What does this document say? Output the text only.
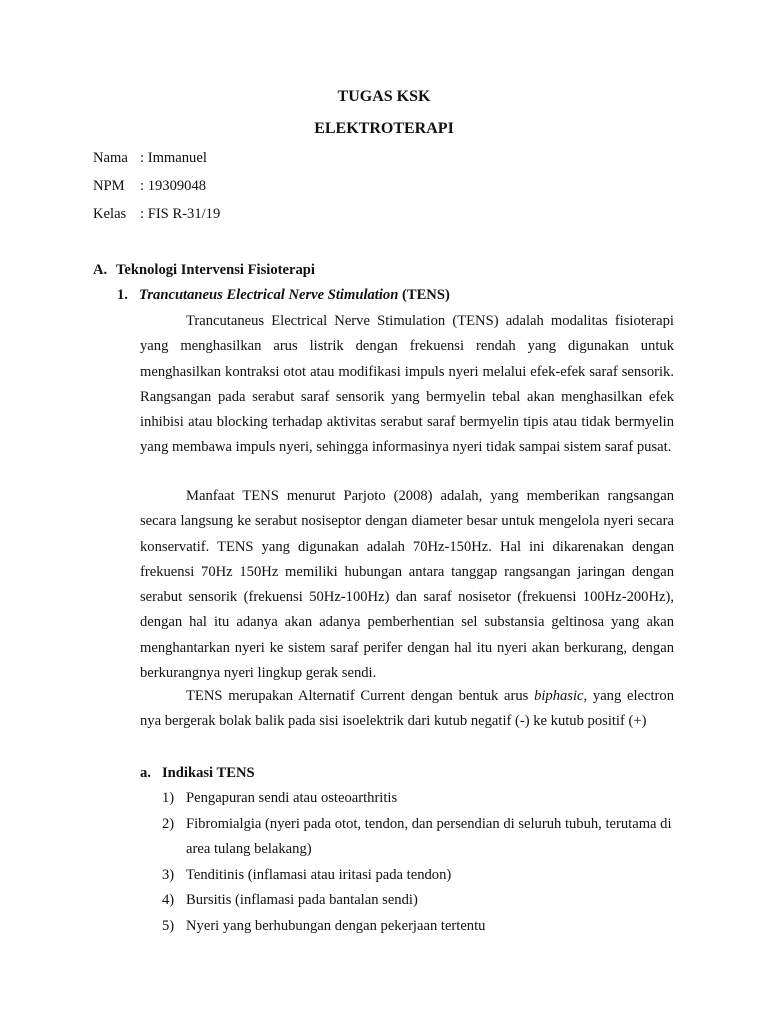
TUGAS KSK
ELEKTROTERAPI
Nama : Immanuel
NPM : 19309048
Kelas : FIS R-31/19
A. Teknologi Intervensi Fisioterapi
1. Trancutaneus Electrical Nerve Stimulation (TENS)

Trancutaneus Electrical Nerve Stimulation (TENS) adalah modalitas fisioterapi yang menghasilkan arus listrik dengan frekuensi rendah yang digunakan untuk menghasilkan kontraksi otot atau modifikasi impuls nyeri melalui efek-efek saraf sensorik. Rangsangan pada serabut saraf sensorik yang bermyelin tebal akan menghasilkan efek inhibisi atau blocking terhadap aktivitas serabut saraf bermyelin tipis atau tidak bermyelin yang membawa impuls nyeri, sehingga informasinya nyeri tidak sampai sistem saraf pusat.

Manfaat TENS menurut Parjoto (2008) adalah, yang memberikan rangsangan secara langsung ke serabut nosiseptor dengan diameter besar untuk mengelola nyeri secara konservatif. TENS yang digunakan adalah 70Hz-150Hz. Hal ini dikarenakan dengan frekuensi 70Hz 150Hz memiliki hubungan antara tanggap rangsangan jaringan dengan serabut sensorik (frekuensi 50Hz-100Hz) dan saraf nosisetor (frekuensi 100Hz-200Hz), dengan hal itu adanya akan adanya pemberhentian sel substansia geltinosa yang akan menghantarkan nyeri ke sistem saraf perifer dengan hal itu nyeri akan berkurang, dengan berkurangnya nyeri lingkup gerak sendi.

TENS merupakan Alternatif Current dengan bentuk arus biphasic, yang electron nya bergerak bolak balik pada sisi isoelektrik dari kutub negatif (-) ke kutub positif (+)

a. Indikasi TENS
1) Pengapuran sendi atau osteoarthritis
2) Fibromialgia (nyeri pada otot, tendon, dan persendian di seluruh tubuh, terutama di area tulang belakang)
3) Tenditinis (inflamasi atau iritasi pada tendon)
4) Bursitis (inflamasi pada bantalan sendi)
5) Nyeri yang berhubungan dengan pekerjaan tertentu
